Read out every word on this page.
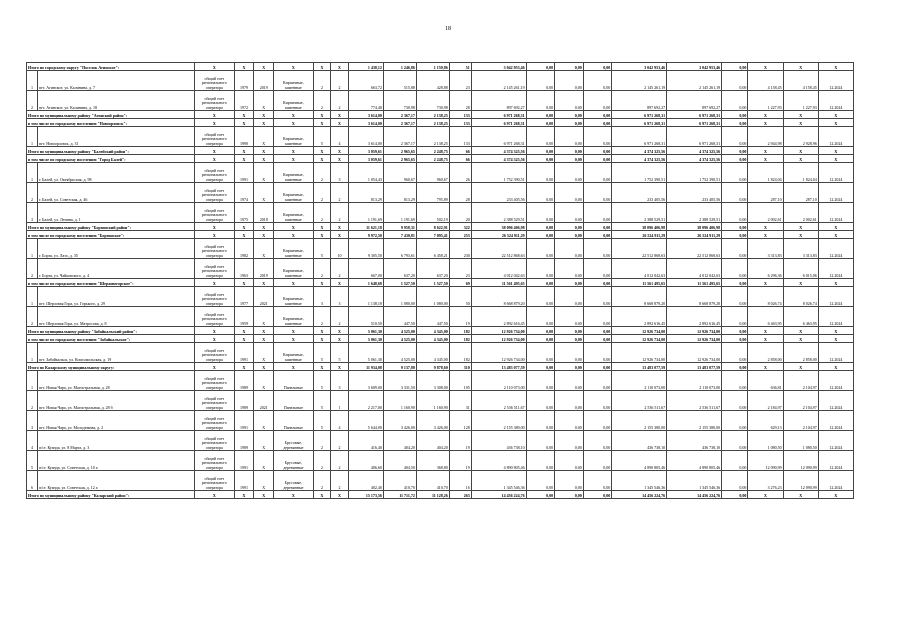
18
Итого по городскому округу "Поселок Агинское":		Х	Х	Х	Х	Х	Х	1 438,12	1 246,86	1 159,86	51	3 042 953,46	0,00	0,00	0,00	3 042 953,46	3 042 953,46	0,00	Х	Х	Х
1	пгт. Агинское, ул. Калинина, д. 7	общий счет регионального оператора	1979	2019	Кирпичные, каменные	2	2	663,72	515,88	428,88	23	2 145 261,19	0,00	0,00	0,00	2 145 261,19	2 145 261,19	0,00	4 158,45	4 158,45	12.2024
2	пгт. Агинское, ул. Калинина, д. 18	общий счет регионального оператора	1972	Х	Кирпичные, каменные	2	2	774,40	730,98	730,98	28	897 692,27	0,00	0,00	0,00	897 692,27	897 692,27	0,00	1 227,93	1 227,93	12.2024
Итого по муниципальному району "Агинский район":		Х	Х	Х	Х	Х	Х	3 614,00	2 367,17	2 138,25	133	6 971 268,31	0,00	0,00	0,00	6 971 268,31	6 971 268,31	0,00	Х	Х	Х
в том числе по городскому поселению "Новоорловск":		Х	Х	Х	Х	Х	Х	3 614,00	2 367,17	2 138,25	133	6 971 268,31	0,00	0,00	0,00	6 971 268,31	6 971 268,31	0,00	Х	Х	Х
1	пгт. Новоорловск, д. 31	общий счет регионального оператора	1990	Х	Кирпичные, каменные	5	4	3 614,00	2 367,17	2 138,25	133	6 971 268,31	0,00	0,00	0,00	6 971 268,31	6 971 268,31	0,00	2 944,98	2 928,96	12.2024
Итого по муниципальному району "Балейский район":		Х	Х	Х	Х	Х	Х	3 059,61	2 965,65	2 248,75	66	4 374 325,56	0,00	0,00	0,00	4 374 325,56	4 374 325,56	0,00	Х	Х	Х
в том числе по городскому поселению "Город Балей":		Х	Х	Х	Х	Х	Х	3 059,61	2 965,65	2 248,75	66	4 374 325,56	0,00	0,00	0,00	4 374 325,56	4 374 325,56	0,00	Х	Х	Х
1	г. Балей, ул. Октябрьская, д. 98	общий счет регионального оператора	1991	Х	Кирпичные, каменные	2	3	1 054,43	960,67	960,67	26	1 752 390,51	0,00	0,00	0,00	1 752 390,51	1 752 390,51	0,00	1 824,04	1 824,04	12.2024
2	г. Балей, ул. Советская, д. 46	общий счет регионального оператора	1974	Х	Кирпичные, каменные	2	2	813,29	813,29	795,89	28	233 405,56	0,00	0,00	0,00	233 405,56	233 405,56	0,00	287,10	287,10	12.2024
3	г. Балей, ул. Ленина, д. 1	общий счет регионального оператора	1975	2018	Кирпичные, каменные	2	2	1 191,69	1 191,69	502,19	20	2 388 529,51	0,00	0,00	0,00	2 388 529,51	2 388 529,51	0,00	2 002,61	2 002,61	12.2024
Итого по муниципальному району "Борзинский район":		Х	Х	Х	Х	Х	Х	11 621,18	9 958,31	8 622,91	322	38 096 406,98	0,00	0,00	0,00	38 096 406,98	38 096 406,98	0,00	Х	Х	Х
в том числе по городскому поселению "Борзинское":		Х	Х	Х	Х	Х	Х	9 972,50	7 430,81	7 095,41	253	26 524 911,29	0,00	0,00	0,00	26 524 911,29	26 524 911,29	0,00	Х	Х	Х
1	г. Борзя, ул. Лазо, д. 35	общий счет регионального оператора	1982	Х	Кирпичные, каменные	5	10	9 305,50	6 793,61	6 458,21	230	22 512 868,63	0,00	0,00	0,00	22 512 868,63	22 512 868,63	0,00	3 313,83	3 313,83	12.2024
2	г. Борзя, ул. Чайковского, д. 4	общий счет регионального оператора	1963	2019	Кирпичные, каменные	2	2	667,00	637,20	637,20	23	4 012 042,63	0,00	0,00	0,00	4 012 042,63	4 012 042,63	0,00	6 296,36	6 015,06	12.2024
в том числе по городскому поселению "Шерловогорское":		Х	Х	Х	Х	Х	Х	1 648,68	1 527,50	1 527,50	69	11 561 495,65	0,00	0,00	0,00	11 561 495,65	11 561 495,65	0,00	Х	Х	Х
1	пгт. Шерловая Гора, ул. Горького, д. 29	общий счет регионального оператора	1977	2021	Кирпичные, каменные	3	3	1 138,18	1 080,00	1 080,00	50	8 668 879,20	0,00	0,00	0,00	8 668 879,20	8 668 879,20	0,00	8 026,74	8 026,74	12.2024
2	пгт. Шерловая Гора, ул. Матросова, д. 8	общий счет регионального оператора	1959	Х	Кирпичные, каменные	2	2	510,50	447,50	447,50	19	2 892 616,45	0,00	0,00	0,00	2 892 616,45	2 892 616,45	0,00	6 463,95	6 463,95	12.2024
Итого по муниципальному району "Забайкальский район":		Х	Х	Х	Х	Х	Х	5 061,30	4 525,00	4 345,00	182	12 926 734,00	0,00	0,00	0,00	12 926 734,00	12 926 734,00	0,00	Х	Х	Х
в том числе по городскому поселению "Забайкальское":		Х	Х	Х	Х	Х	Х	5 061,30	4 525,00	4 345,00	182	12 926 734,00	0,00	0,00	0,00	12 926 734,00	12 926 734,00	0,00	Х	Х	Х
1	пгт. Забайкальск, ул. Комсомольская, д. 19	общий счет регионального оператора	1991	Х	Кирпичные, каменные	5	5	5 061,30	4 525,00	4 345,00	182	12 926 734,00	0,00	0,00	0,00	12 926 734,00	12 926 734,00	0,00	2 858,00	2 858,00	12.2024
Итого по Каларскому муниципальному округу:		Х	Х	Х	Х	Х	Х	11 934,08	9 137,80	9 878,60	310	13 483 077,59	0,00	0,00	0,00	13 483 077,59	13 483 077,59	0,00	Х	Х	Х
1	пгт. Новая Чара, ул. Магистральная, д. 28	общий счет регионального оператора	1989	Х	Панельные	5	3	3 609,00	3 331,50	3 308,00	105	2 110 073,00	0,00	0,00	0,00	2 110 073,00	2 110 073,00	0,00	636,81	2 104,97	12.2024
2	пгт. Новая Чара, ул. Магистральная, д. 28 б	общий счет регионального оператора	1989	2021	Панельные	5	1	2 217,00	1 160,90	1 160,90	31	2 536 511,67	0,00	0,00	0,00	2 536 511,67	2 536 511,67	0,00	2 184,97	2 104,97	12.2024
3	пгт. Новая Чара, ул. Молодежная, д. 2	общий счет регионального оператора	1991	Х	Панельные	5	4	5 644,00	3 426,00	3 426,00	128	2 155 380,00	0,00	0,00	0,00	2 155 380,00	2 155 380,00	0,00	629,13	2 104,97	12.2024
4	п/ст. Куанда, ул. 8 Марта, д. 3	общий счет регионального оператора	1989	Х	Брусовые, деревянные	2	2	416,40	404,20	404,20	19	436 738,10	0,00	0,00	0,00	436 738,10	436 738,10	0,00	1 080,50	1 080,50	12.2024
5	п/ст. Куанда, ул. Советская, д. 10 а	общий счет регионального оператора	1991	Х	Брусовые, деревянные	2	2	406,60	404,50	368,80	19	4 890 805,46	0,00	0,00	0,00	4 890 805,46	4 890 805,46	0,00	12 090,99	12 090,99	12.2024
6	п/ст. Куанда, ул. Советская, д. 12 а	общий счет регионального оператора	1991	Х	Брусовые, деревянные	2	2	402,40	410,70	410,70	16	1 345 546,36	0,00	0,00	0,00	1 345 546,36	1 345 546,36	0,00	3 276,23	12 090,99	12.2024
Итого по муниципальному району "Каларский район":		Х	Х	Х	Х	Х	Х	15 173,56	11 711,72	11 128,26	263	14 456 224,76	0,00	0,00	0,00	14 456 224,76	14 456 224,76	0,00	Х	Х	Х
